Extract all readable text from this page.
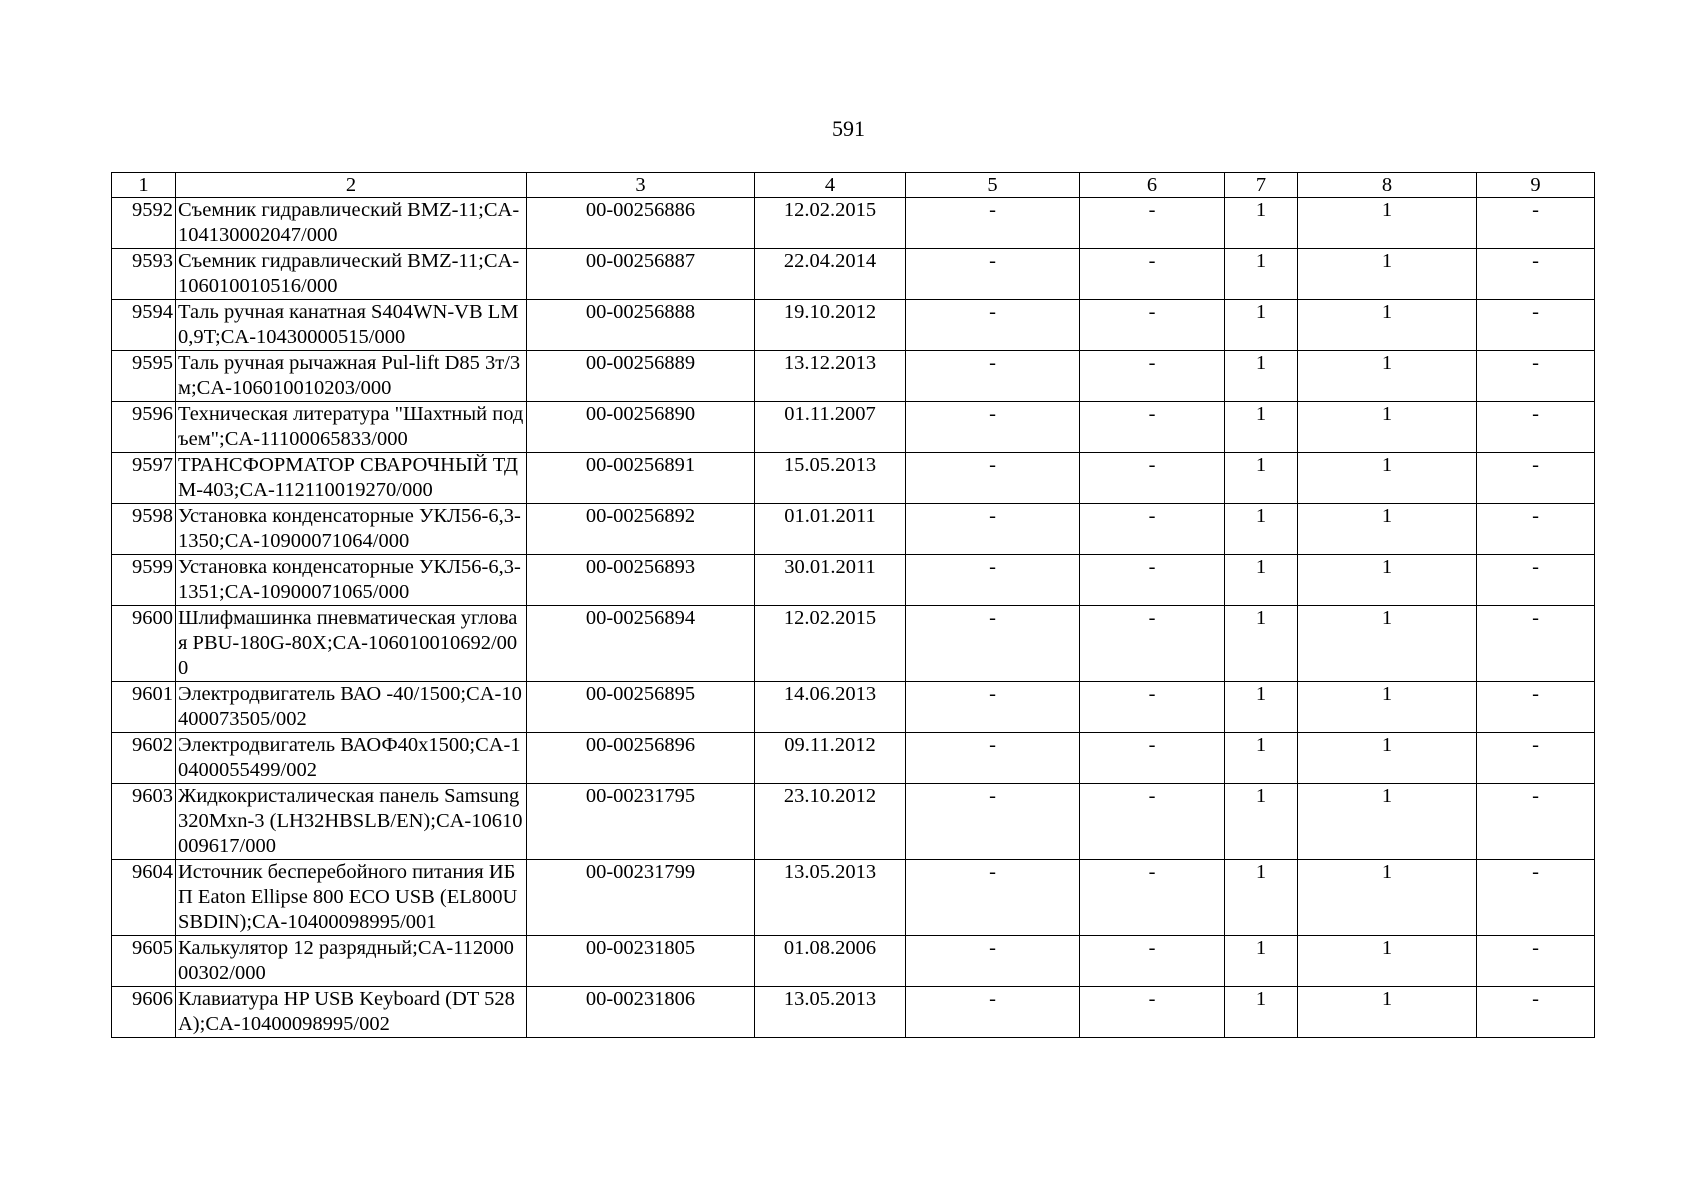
591
1	2	3	4	5	6	7	8	9
9592	Съемник гидравлический BMZ-11;CA-104130002047/000	00-00256886	12.02.2015	-	-	1	1	-
9593	Съемник гидравлический BMZ-11;CA-106010010516/000	00-00256887	22.04.2014	-	-	1	1	-
9594	Таль ручная канатная S404WN-VB LM 0,9T;CA-10430000515/000	00-00256888	19.10.2012	-	-	1	1	-
9595	Таль ручная рычажная Pul-lift D85 3т/3м;CA-106010010203/000	00-00256889	13.12.2013	-	-	1	1	-
9596	Техническая литература "Шахтный подъем";CA-11100065833/000	00-00256890	01.11.2007	-	-	1	1	-
9597	ТРАНСФОРМАТОР СВАРОЧНЫЙ ТДМ-403;CA-112110019270/000	00-00256891	15.05.2013	-	-	1	1	-
9598	Установка конденсаторные УКЛ56-6,3-1350;CA-10900071064/000	00-00256892	01.01.2011	-	-	1	1	-
9599	Установка конденсаторные УКЛ56-6,3-1351;CA-10900071065/000	00-00256893	30.01.2011	-	-	1	1	-
9600	Шлифмашинка пневматическая угловая PBU-180G-80X;CA-106010010692/000	00-00256894	12.02.2015	-	-	1	1	-
9601	Электродвигатель ВАО -40/1500;CA-10400073505/002	00-00256895	14.06.2013	-	-	1	1	-
9602	Электродвигатель ВАОФ40х1500;CA-10400055499/002	00-00256896	09.11.2012	-	-	1	1	-
9603	Жидкокристалическая панель Samsung 320Mxn-3 (LH32HBSLB/EN);CA-10610009617/000	00-00231795	23.10.2012	-	-	1	1	-
9604	Источник бесперебойного питания ИБП Eaton Ellipse 800 ECO USB (EL800USBDIN);CA-10400098995/001	00-00231799	13.05.2013	-	-	1	1	-
9605	Калькулятор 12 разрядный;CA-11200000302/000	00-00231805	01.08.2006	-	-	1	1	-
9606	Клавиатура HP USB Keyboard (DT 528A);CA-10400098995/002	00-00231806	13.05.2013	-	-	1	1	-
